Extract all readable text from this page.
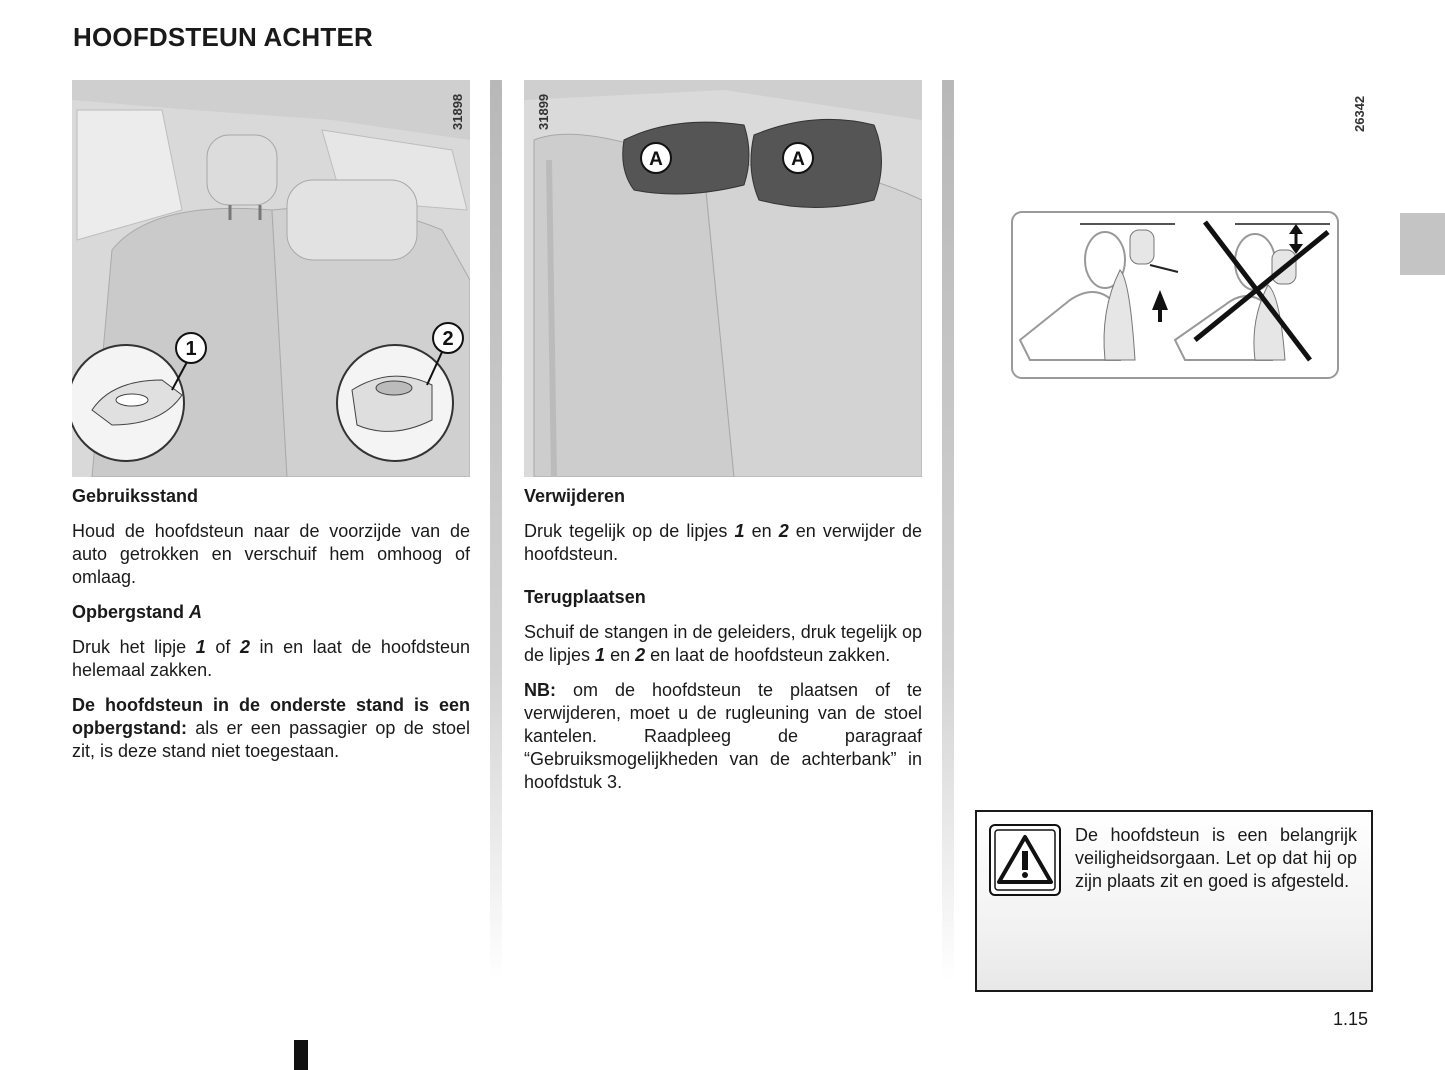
HOOFDSTEUN ACHTER
1	2
31898

Gebruiksstand

Houd de hoofdsteun naar de voorzijde van de auto getrokken en verschuif hem omhoog of omlaag.

Opbergstand A

Druk het lipje 1 of 2 in en laat de hoofdsteun helemaal zakken.

De hoofdsteun in de onderste stand is een opbergstand: als er een passagier op de stoel zit, is deze stand niet toegestaan.

A	A
31899

Verwijderen

Druk tegelijk op de lipjes 1 en 2 en verwijder de hoofdsteun.

Terugplaatsen

Schuif de stangen in de geleiders, druk tegelijk op de lipjes 1 en 2 en laat de hoofdsteun zakken.

NB: om de hoofdsteun te plaatsen of te verwijderen, moet u de rugleuning van de stoel kantelen. Raadpleeg de paragraaf “Gebruiksmogelijkheden van de achterbank” in hoofdstuk 3.

26342
De hoofdsteun is een belangrijk veiligheidsorgaan. Let op dat hij op zijn plaats zit en goed is afgesteld.
1.15
